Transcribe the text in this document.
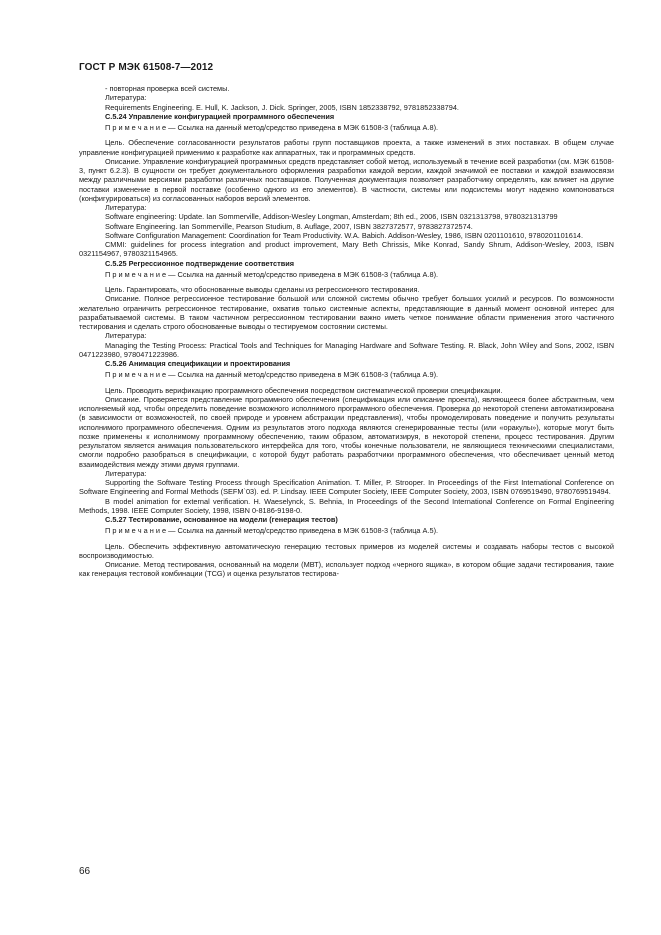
ГОСТ Р МЭК 61508-7—2012

- повторная проверка всей системы.

Литература:

Requirements Engineering. E. Hull, K. Jackson, J. Dick. Springer, 2005, ISBN 1852338792, 9781852338794.

С.5.24 Управление конфигурацией программного обеспечения

П р и м е ч а н и е — Ссылка на данный метод/средство приведена в МЭК 61508-3 (таблица А.8).

Цель. Обеспечение согласованности результатов работы групп поставщиков проекта, а также изменений в этих поставках. В общем случае управление конфигурацией применимо к разработке как аппаратных, так и программных средств.

Описание. Управление конфигурацией программных средств представляет собой метод, используемый в течение всей разработки (см. МЭК 61508-3, пункт 6.2.3). В сущности он требует документального оформления разработки каждой версии, каждой значимой ее поставки и каждой взаимосвязи между различными версиями разработки различных поставщиков. Полученная документация позволяет разработчику определять, как влияет на другие поставки изменение в первой поставке (особенно одного из его элементов). В частности, системы или подсистемы могут надежно компоноваться (конфигурироваться) из согласованных наборов версий элементов.

Литература:

Software engineering: Update. Ian Sommerville, Addison-Wesley Longman, Amsterdam; 8th ed., 2006, ISBN 0321313798, 9780321313799

Software Engineering. Ian Sommerville, Pearson Studium, 8. Auflage, 2007, ISBN 3827372577, 9783827372574.

Software Configuration Management: Coordination for Team Productivity. W.A. Babich. Addison-Wesley, 1986, ISBN 0201101610, 9780201101614.

CMMI: guidelines for process integration and product improvement, Mary Beth Chrissis, Mike Konrad, Sandy Shrum, Addison-Wesley, 2003, ISBN 0321154967, 9780321154965.

С.5.25 Регрессионное подтверждение соответствия

П р и м е ч а н и е — Ссылка на данный метод/средство приведена в МЭК 61508-3 (таблица А.8).

Цель. Гарантировать, что обоснованные выводы сделаны из регрессионного тестирования.

Описание. Полное регрессионное тестирование большой или сложной системы обычно требует больших усилий и ресурсов. По возможности желательно ограничить регрессионное тестирование, охватив только системные аспекты, представляющие в данный момент основной интерес для разрабатываемой системы. В таком частичном регрессионном тестировании важно иметь четкое понимание области применения этого частичного тестирования и сделать строго обоснованные выводы о тестируемом состоянии системы.

Литература:

Managing the Testing Process: Practical Tools and Techniques for Managing Hardware and Software Testing. R. Black, John Wiley and Sons, 2002, ISBN 0471223980, 9780471223986.

С.5.26 Анимация спецификации и проектирования

П р и м е ч а н и е — Ссылка на данный метод/средство приведена в МЭК 61508-3 (таблица А.9).

Цель. Проводить верификацию программного обеспечения посредством систематической проверки спецификации.

Описание. Проверяется представление программного обеспечения (спецификация или описание проекта), являющееся более абстрактным, чем исполняемый код, чтобы определить поведение возможного исполнимого программного обеспечения. Проверка до некоторой степени автоматизирована (в зависимости от возможностей, по своей природе и уровнем абстракции представления), чтобы промоделировать поведение и получить результаты исполнимого программного обеспечения. Одним из результатов этого подхода являются сгенерированные тесты (или «оракулы»), которые могут быть позже применены к исполнимому программному обеспечению, таким образом, автоматизируя, в некоторой степени, процесс тестирования. Другим результатом является анимация пользовательского интерфейса для того, чтобы конечные пользователи, не являющиеся техническими специалистами, смогли подробно разобраться в спецификации, с которой будут работать разработчики программного обеспечения, что обеспечивает ценный метод взаимодействия между этими двумя группами.

Литература:

Supporting the Software Testing Process through Specification Animation. T. Miller, P. Strooper. In Proceedings of the First International Conference on Software Engineering and Formal Methods (SEFM`03). ed. P. Lindsay. IEEE Computer Society, IEEE Computer Society, 2003, ISBN 0769519490, 9780769519494.

B model animation for external verification. H. Waeselynck, S. Behnia, In Proceedings of the Second International Conference on Formal Engineering Methods, 1998. IEEE Computer Society, 1998, ISBN 0-8186-9198-0.

С.5.27 Тестирование, основанное на модели (генерация тестов)

П р и м е ч а н и е — Ссылка на данный метод/средство приведена в МЭК 61508-3 (таблица А.5).

Цель. Обеспечить эффективную автоматическую генерацию тестовых примеров из моделей системы и создавать наборы тестов с высокой воспроизводимостью.

Описание. Метод тестирования, основанный на модели (МВТ), использует подход «черного ящика», в котором общие задачи тестирования, такие как генерация тестовой комбинации (TCG) и оценка результатов тестирова-

66
